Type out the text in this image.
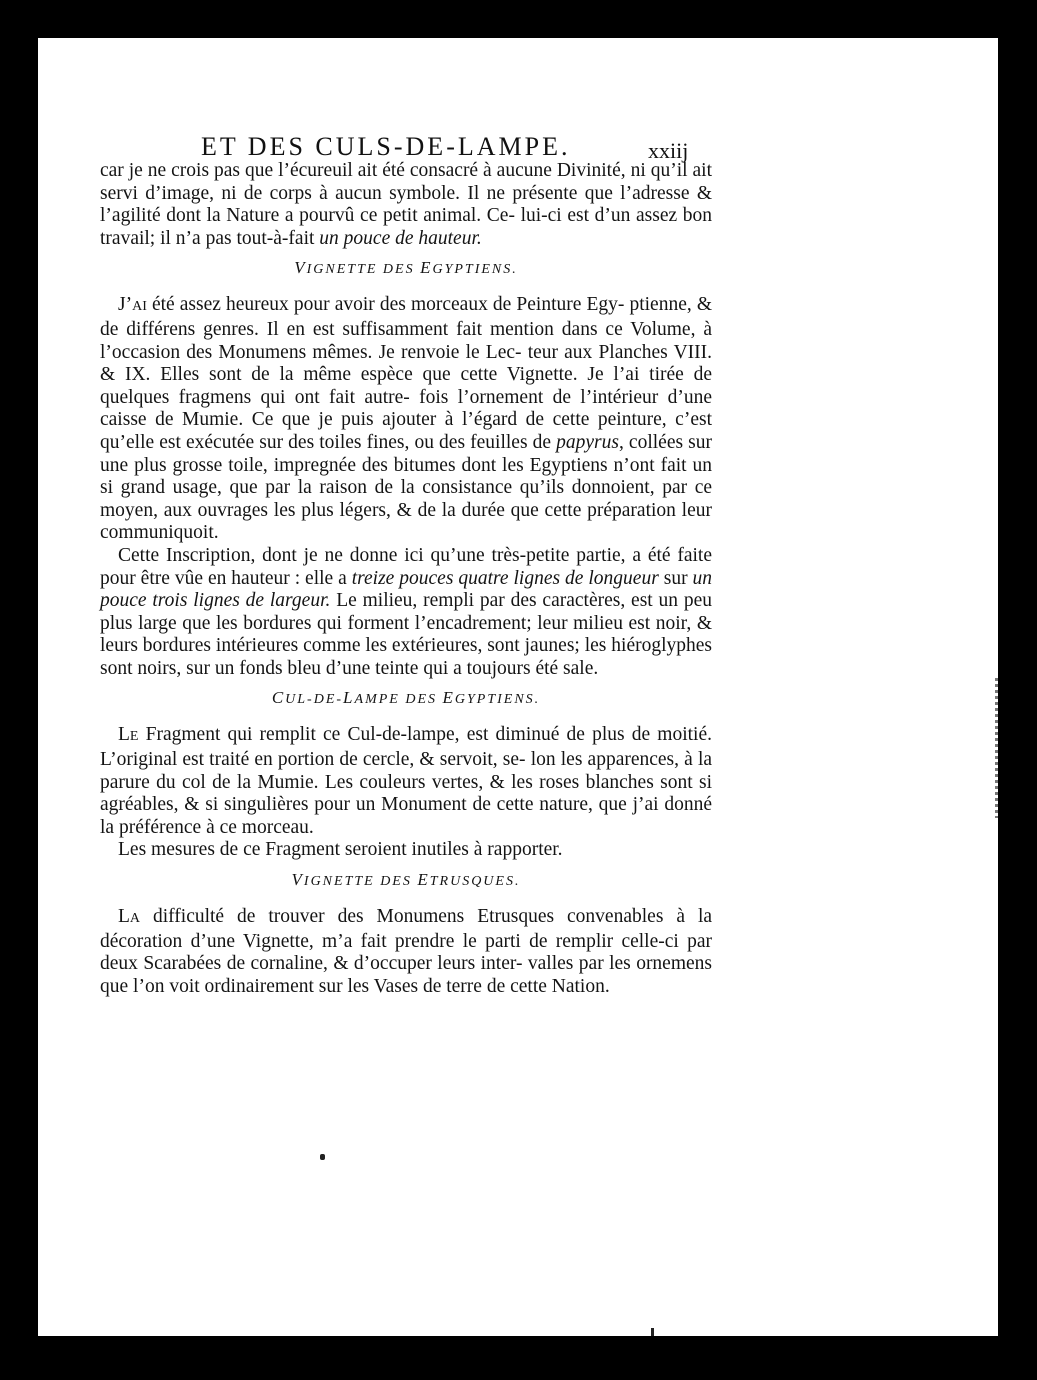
ET DES CULS-DE-LAMPE.	xxiij

car je ne crois pas que l’écureuil ait été consacré à aucune Divinité, ni qu’il ait servi d’image, ni de corps à aucun symbole. Il ne présente que l’adresse & l’agilité dont la Nature a pourvû ce petit animal. Ce- lui-ci est d’un assez bon travail; il n’a pas tout-à-fait un pouce de hauteur.

VIGNETTE DES EGYPTIENS.

J’AI été assez heureux pour avoir des morceaux de Peinture Egy- ptienne, & de différens genres. Il en est suffisamment fait mention dans ce Volume, à l’occasion des Monumens mêmes. Je renvoie le Lec- teur aux Planches VIII. & IX. Elles sont de la même espèce que cette Vignette. Je l’ai tirée de quelques fragmens qui ont fait autre- fois l’ornement de l’intérieur d’une caisse de Mumie. Ce que je puis ajouter à l’égard de cette peinture, c’est qu’elle est exécutée sur des toiles fines, ou des feuilles de papyrus, collées sur une plus grosse toile, impregnée des bitumes dont les Egyptiens n’ont fait un si grand usage, que par la raison de la consistance qu’ils donnoient, par ce moyen, aux ouvrages les plus légers, & de la durée que cette préparation leur communiquoit.

Cette Inscription, dont je ne donne ici qu’une très-petite partie, a été faite pour être vûe en hauteur : elle a treize pouces quatre lignes de longueur sur un pouce trois lignes de largeur. Le milieu, rempli par des caractères, est un peu plus large que les bordures qui forment l’encadrement; leur milieu est noir, & leurs bordures intérieures comme les extérieures, sont jaunes; les hiéroglyphes sont noirs, sur un fonds bleu d’une teinte qui a toujours été sale.

CUL-DE-LAMPE DES EGYPTIENS.

LE Fragment qui remplit ce Cul-de-lampe, est diminué de plus de moitié. L’original est traité en portion de cercle, & servoit, se- lon les apparences, à la parure du col de la Mumie. Les couleurs vertes, & les roses blanches sont si agréables, & si singulières pour un Monument de cette nature, que j’ai donné la préférence à ce morceau.

Les mesures de ce Fragment seroient inutiles à rapporter.

VIGNETTE DES ETRUSQUES.

LA difficulté de trouver des Monumens Etrusques convenables à la décoration d’une Vignette, m’a fait prendre le parti de remplir celle-ci par deux Scarabées de cornaline, & d’occuper leurs inter- valles par les ornemens que l’on voit ordinairement sur les Vases de terre de cette Nation.
